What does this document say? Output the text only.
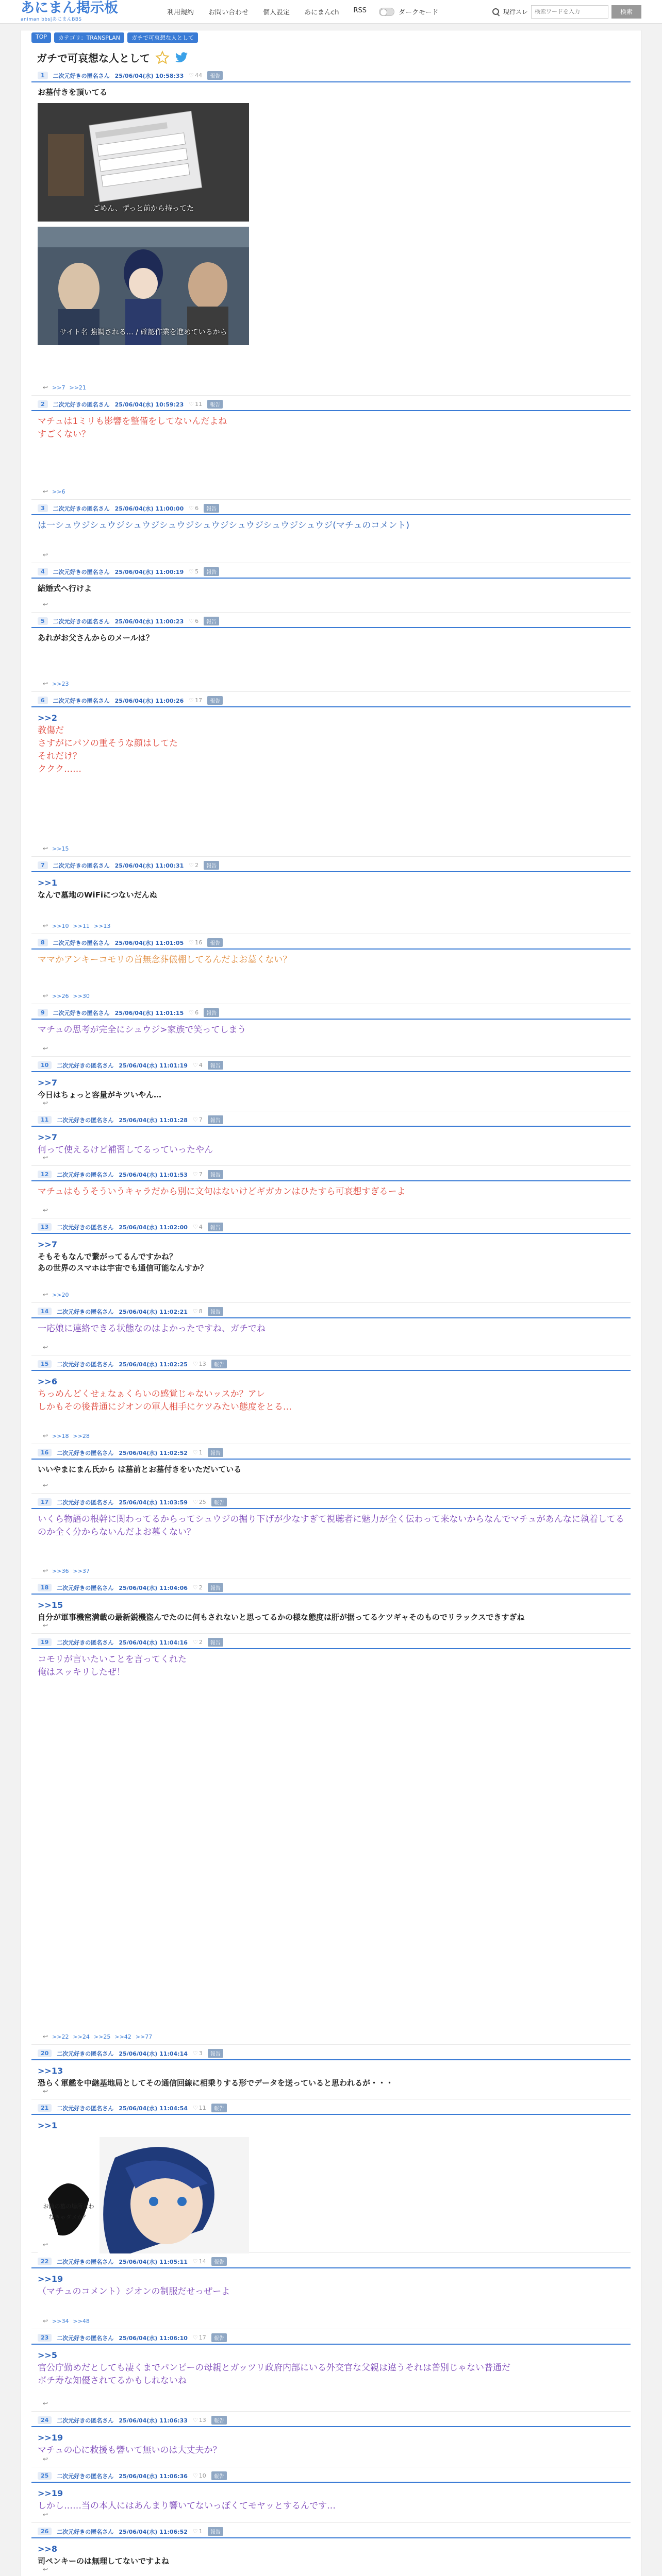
あにまん掲示板
animan bbs|あにまんBBS
利用規約	お問い合わせ	個人設定	あにまんch	RSS	ダークモード	現行スレ
検索ワードを入力	検索
TOP	カテゴリ：TRANSPLAN	ガチで可哀想な人として
ガチで可哀想な人として
1	二次元好きの匿名さん 25/06/04(水) 10:58:33 ♡ 44	報告
お墓付きを頂いてる
ごめん、ずっと前から持ってた
サイト名 強調される… / 確認作業を進めているから
↩ >>7 >>21
2	二次元好きの匿名さん 25/06/04(水) 10:59:23 ♡ 11	報告
マチュは1ミリも影響を整備をしてないんだよね
すごくない？
↩ >>6
3	二次元好きの匿名さん 25/06/04(水) 11:00:00 ♡ 6	報告
は一シュウジシュウジシュウジシュウジシュウジシュウジシュウジシュウジ(マチュのコメント)
↩
4	二次元好きの匿名さん 25/06/04(水) 11:00:19 ♡ 5	報告
結婚式へ行けよ
↩
5	二次元好きの匿名さん 25/06/04(水) 11:00:23 ♡ 6	報告
あれがお父さんからのメールは？
↩ >>23
6	二次元好きの匿名さん 25/06/04(水) 11:00:26 ♡ 17	報告
>>2
教傷だ
さすがにパソの重そうな顔はしてた
それだけ？
ククク……
↩ >>15
7	二次元好きの匿名さん 25/06/04(水) 11:00:31 ♡ 2	報告
>>1
なんで墓地のWiFiにつないだんぬ
↩ >>10 >>11 >>13
8	二次元好きの匿名さん 25/06/04(水) 11:01:05 ♡ 16	報告
ママかアンキーコモリの首無念葬儀棚してるんだよお墓くない？
↩ >>26 >>30
9	二次元好きの匿名さん 25/06/04(水) 11:01:15 ♡ 6	報告
マチュの思考が完全にシュウジ>家族で笑ってしまう
↩
10	二次元好きの匿名さん 25/06/04(水) 11:01:19 ♡ 4	報告
>>7
今日はちょっと容量がキツいやん…
↩
11	二次元好きの匿名さん 25/06/04(水) 11:01:28 ♡ 7	報告
>>7
何って使えるけど補習してるっていったやん
↩
12	二次元好きの匿名さん 25/06/04(水) 11:01:53 ♡ 7	報告
マチュはもうそういうキャラだから別に文句はないけどギガカンはひたすら可哀想すぎるーよ
↩
13	二次元好きの匿名さん 25/06/04(水) 11:02:00 ♡ 4	報告
>>7
そもそもなんで繋がってるんですかね？
あの世界のスマホは宇宙でも通信可能なんすか？
↩ >>20
14	二次元好きの匿名さん 25/06/04(水) 11:02:21 ♡ 8	報告
一応娘に連絡できる状態なのはよかったですね、ガチでね
↩
15	二次元好きの匿名さん 25/06/04(水) 11:02:25 ♡ 13	報告
>>6
ちっめんどくせぇなぁくらいの感覚じゃないッスか？アレ
しかもその後普通にジオンの軍人相手にケツみたい態度をとる…
↩ >>18 >>28
16	二次元好きの匿名さん 25/06/04(水) 11:02:52 ♡ 1	報告
いいやまにまん氏から は墓前とお墓付きをいただいている
↩
17	二次元好きの匿名さん 25/06/04(水) 11:03:59 ♡ 25	報告
いくら物語の根幹に関わってるからってシュウジの掘り下げが少なすぎて視聴者に魅力が全く伝わって来ないからなんでマチュがあんなに執着してるのか全く分からないんだよお墓くない？
↩ >>36 >>37
18	二次元好きの匿名さん 25/06/04(水) 11:04:06 ♡ 2	報告
>>15
自分が軍事機密満載の最新鋭機盗んでたのに何もされないと思ってるかの様な態度は肝が据ってるケツギャそのものでリラックスできすぎね
↩
19	二次元好きの匿名さん 25/06/04(水) 11:04:16 ♡ 2	報告
コモリが言いたいことを言ってくれた
俺はスッキリしたぜ！
↩ >>22 >>24 >>25 >>42 >>77
20	二次元好きの匿名さん 25/06/04(水) 11:04:14 ♡ 3	報告
>>13
恐らく軍艦を中継基地局としてその通信回線に相乗りする形でデータを送っていると思われるが・・・
↩
21	二次元好きの匿名さん 25/06/04(水) 11:04:54 ♡ 11	報告
>>1
お前の墓の場所言わなきゃダメか？
↩
22	二次元好きの匿名さん 25/06/04(水) 11:05:11 ♡ 14	報告
>>19
（マチュのコメント）ジオンの制服だせっぜーよ
↩ >>34 >>48
23	二次元好きの匿名さん 25/06/04(水) 11:06:10 ♡ 17	報告
>>5
官公庁勤めだとしても凄くまでパンピーの母親とガッツリ政府内部にいる外交官な父親は違うそれは普別じゃない普通だ
ボチ寿な知優されてるかもしれないね
↩
24	二次元好きの匿名さん 25/06/04(水) 11:06:33 ♡ 13	報告
>>19
マチュの心に救援も響いて無いのは大丈夫か？
↩
25	二次元好きの匿名さん 25/06/04(水) 11:06:36 ♡ 10	報告
>>19
しかし……当の本人にはあんまり響いてないっぽくてモヤッとするんです…
↩
26	二次元好きの匿名さん 25/06/04(水) 11:06:52 ♡ 1	報告
>>8
司ペンキーのは無理してないですよね
↩
